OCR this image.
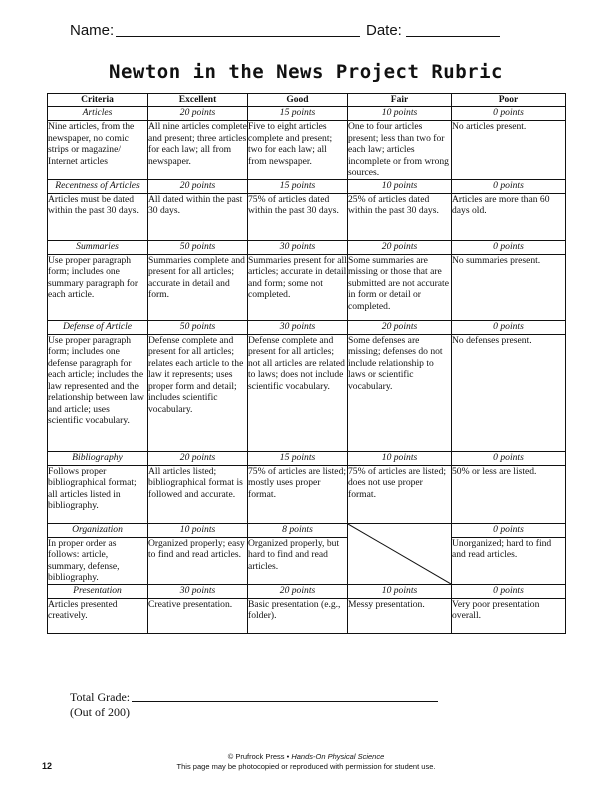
Name:	Date:
Newton in the News Project Rubric
Criteria	Excellent	Good	Fair	Poor
Articles	20 points	15 points	10 points	0 points
Nine articles, from the newspaper, no comic strips or magazine/ Internet articles	All nine articles complete and present; three articles for each law; all from newspaper.	Five to eight articles complete and present; two for each law; all from newspaper.	One to four articles present; less than two for each law; articles incomplete or from wrong sources.	No articles present.
Recentness of Articles	20 points	15 points	10 points	0 points
Articles must be dated within the past 30 days.	All dated within the past 30 days.	75% of articles dated within the past 30 days.	25% of articles dated within the past 30 days.	Articles are more than 60 days old.
Summaries	50 points	30 points	20 points	0 points
Use proper paragraph form; includes one summary paragraph for each article.	Summaries complete and present for all articles; accurate in detail and form.	Summaries present for all articles; accurate in detail and form; some not completed.	Some summaries are missing or those that are submitted are not accurate in form or detail or completed.	No summaries present.
Defense of Article	50 points	30 points	20 points	0 points
Use proper paragraph form; includes one defense paragraph for each article; includes the law represented and the relationship between law and article; uses scientific vocabulary.	Defense complete and present for all articles; relates each article to the law it represents; uses proper form and detail; includes scientific vocabulary.	Defense complete and present for all articles; not all articles are related to laws; does not include scientific vocabulary.	Some defenses are missing; defenses do not include relationship to laws or scientific vocabulary.	No defenses present.
Bibliography	20 points	15 points	10 points	0 points
Follows proper bibliographical format; all articles listed in bibliography.	All articles listed; bibliographical format is followed and accurate.	75% of articles are listed; mostly uses proper format.	75% of articles are listed; does not use proper format.	50% or less are listed.
Organization	10 points	8 points		0 points
In proper order as follows: article, summary, defense, bibliography.	Organized properly; easy to find and read articles.	Organized properly, but hard to find and read articles.		Unorganized; hard to find and read articles.
Presentation	30 points	20 points	10 points	0 points
Articles presented creatively.	Creative presentation.	Basic presentation (e.g., folder).	Messy presentation.	Very poor presentation overall.
Total Grade:
(Out of 200)
© Prufrock Press • Hands-On Physical Science
This page may be photocopied or reproduced with permission for student use.
12
